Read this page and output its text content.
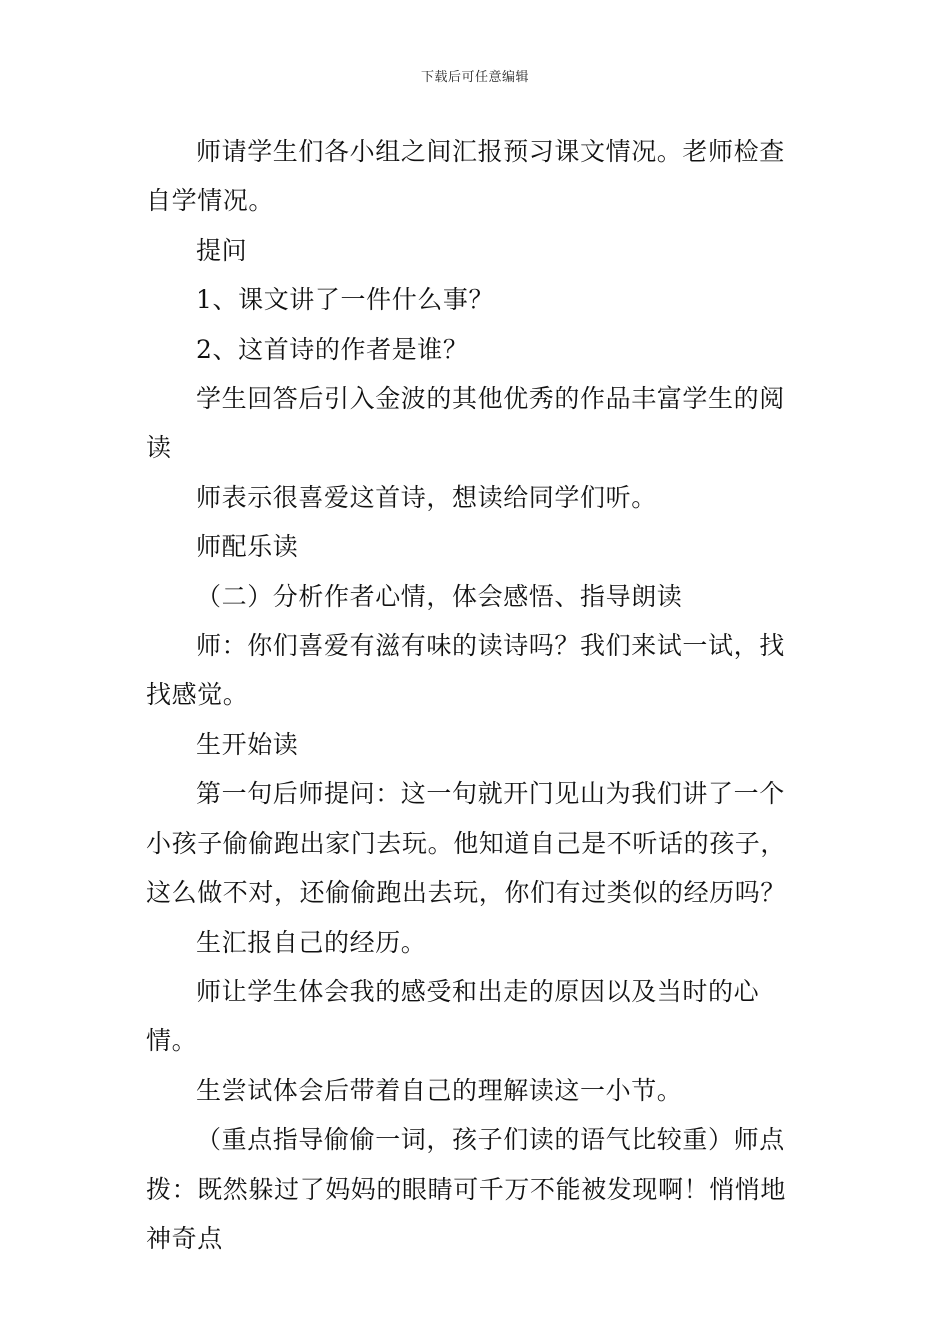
下载后可任意编辑

师请学生们各小组之间汇报预习课文情况。老师检查自学情况。

提问

1、课文讲了一件什么事？

2、这首诗的作者是谁？

学生回答后引入金波的其他优秀的作品丰富学生的阅读

师表示很喜爱这首诗，想读给同学们听。

师配乐读

（二）分析作者心情，体会感悟、指导朗读

师：你们喜爱有滋有味的读诗吗？我们来试一试，找找感觉。

生开始读

第一句后师提问：这一句就开门见山为我们讲了一个小孩子偷偷跑出家门去玩。他知道自己是不听话的孩子，这么做不对，还偷偷跑出去玩，你们有过类似的经历吗？

生汇报自己的经历。

师让学生体会我的感受和出走的原因以及当时的心情。

生尝试体会后带着自己的理解读这一小节。

（重点指导偷偷一词，孩子们读的语气比较重）师点拨：既然躲过了妈妈的眼睛可千万不能被发现啊！悄悄地神奇点
